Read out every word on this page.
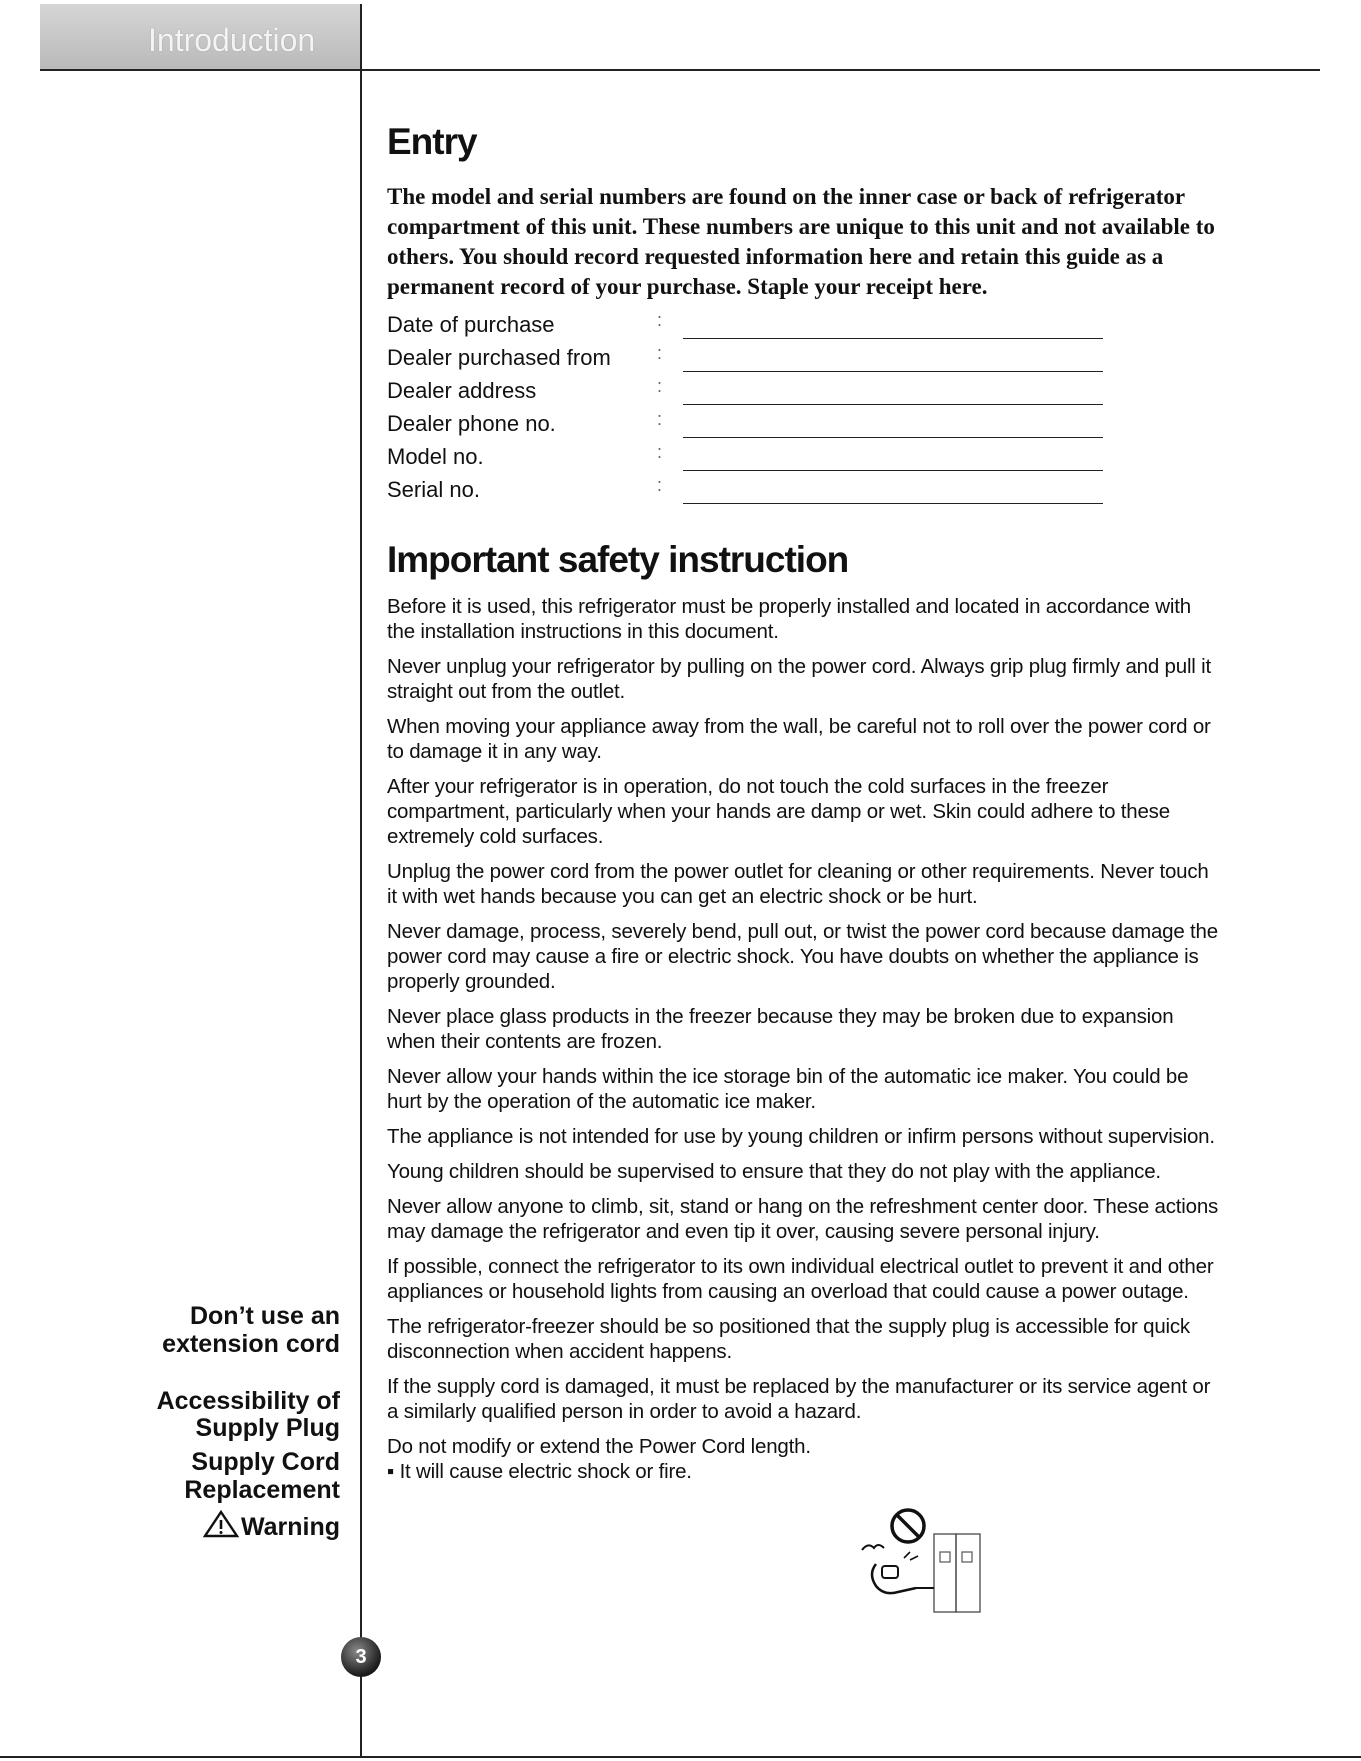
Introduction
Entry

The model and serial numbers are found on the inner case or back of refrigerator compartment of this unit. These numbers are unique to this unit and not available to others. You should record requested information here and retain this guide as a permanent record of your purchase. Staple your receipt here.

Date of purchase	:
Dealer purchased from	:
Dealer address	:
Dealer phone no.	:
Model no.	:
Serial no.	:
Important safety instruction

Before it is used, this refrigerator must be properly installed and located in accordance with the installation instructions in this document.

Never unplug your refrigerator by pulling on the power cord. Always grip plug firmly and pull it straight out from the outlet.

When moving your appliance away from the wall, be careful not to roll over the power cord or to damage it in any way.

After your refrigerator is in operation, do not touch the cold surfaces in the freezer compartment, particularly when your hands are damp or wet. Skin could adhere to these extremely cold surfaces.

Unplug the power cord from the power outlet for cleaning or other requirements. Never touch it with wet hands because you can get an electric shock or be hurt.

Never damage, process, severely bend, pull out, or twist the power cord because damage the power cord may cause a fire or electric shock. You have doubts on whether the appliance is properly grounded.

Never place glass products in the freezer because they may be broken due to expansion when their contents are frozen.

Never allow your hands within the ice storage bin of the automatic ice maker. You could be hurt by the operation of the automatic ice maker.

The appliance is not intended for use by young children or infirm persons without supervision.

Young children should be supervised to ensure that they do not play with the appliance.

Never allow anyone to climb, sit, stand or hang on the refreshment center door. These actions may damage the refrigerator and even tip it over, causing severe personal injury.

If possible, connect the refrigerator to its own individual electrical outlet to prevent it and other appliances or household lights from causing an overload that could cause a power outage.

The refrigerator-freezer should be so positioned that the supply plug is accessible for quick disconnection when accident happens.

If the supply cord is damaged, it must be replaced by the manufacturer or its service agent or a similarly qualified person in order to avoid a hazard.

Do not modify or extend the Power Cord length.

▪ It will cause electric shock or fire.

Don’t use an
extension cord
Accessibility of
Supply Plug
Supply Cord
Replacement
Warning
3
